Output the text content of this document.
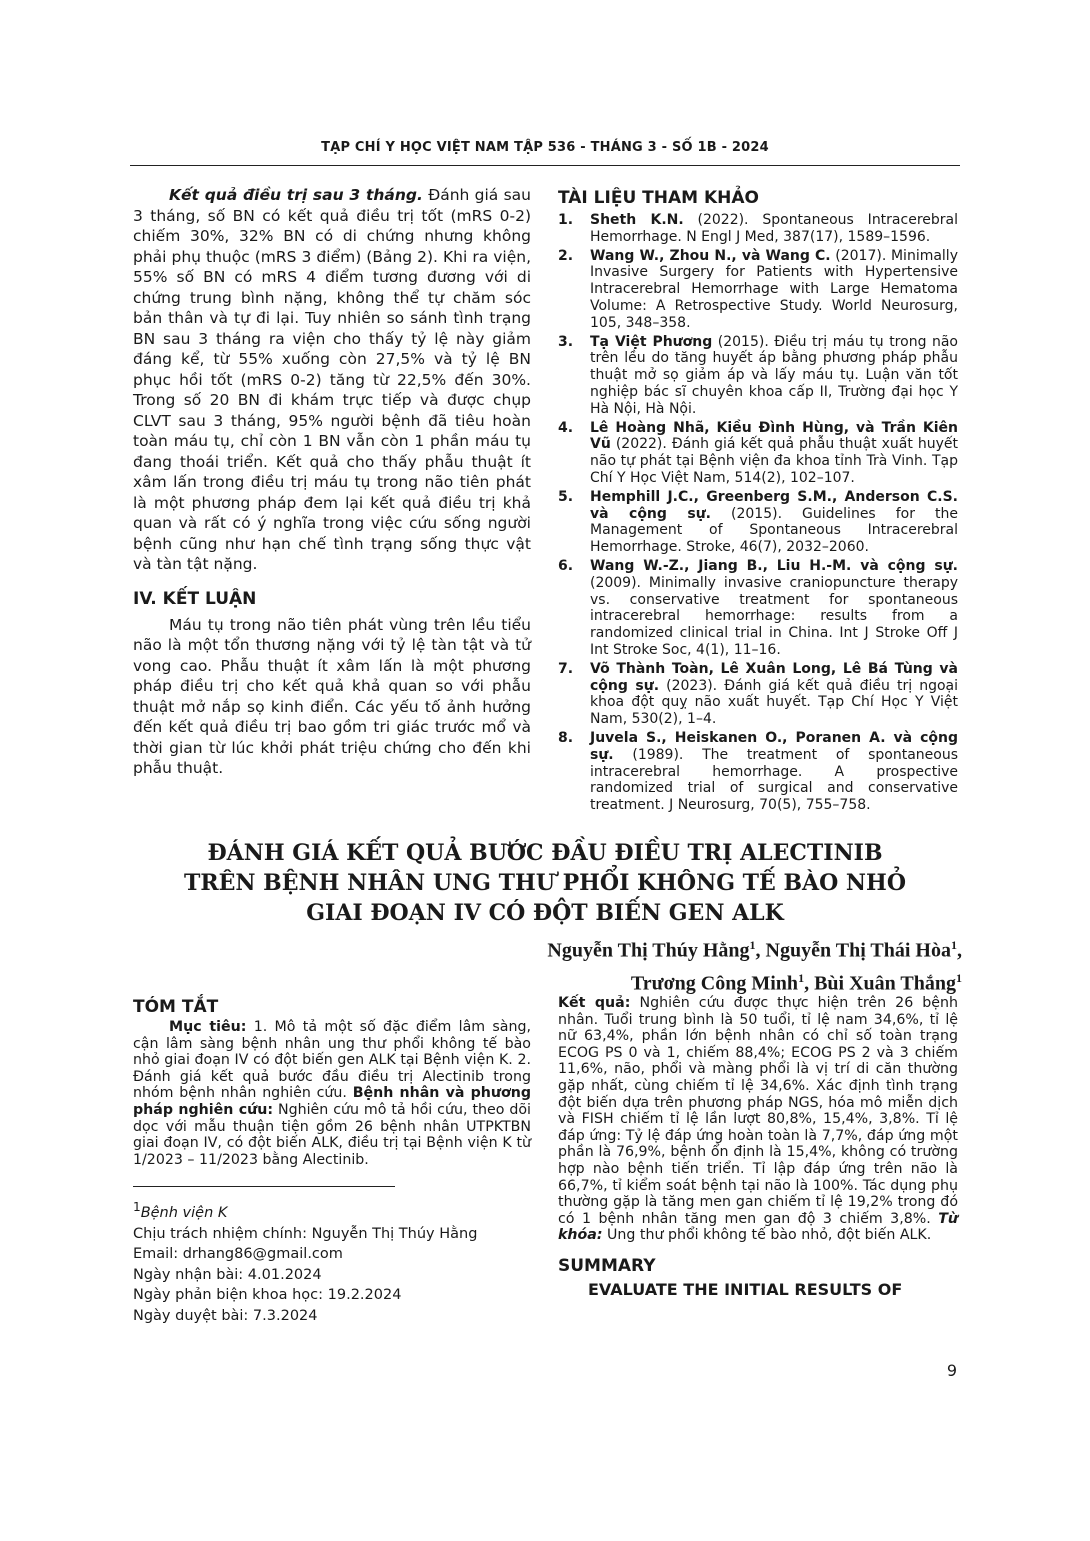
TẠP CHÍ Y HỌC VIỆT NAM TẬP 536 - THÁNG 3 - SỐ 1B - 2024

Kết quả điều trị sau 3 tháng. Đánh giá sau 3 tháng, số BN có kết quả điều trị tốt (mRS 0-2) chiếm 30%, 32% BN có di chứng nhưng không phải phụ thuộc (mRS 3 điểm) (Bảng 2). Khi ra viện, 55% số BN có mRS 4 điểm tương đương với di chứng trung bình nặng, không thể tự chăm sóc bản thân và tự đi lại. Tuy nhiên so sánh tình trạng BN sau 3 tháng ra viện cho thấy tỷ lệ này giảm đáng kể, từ 55% xuống còn 27,5% và tỷ lệ BN phục hồi tốt (mRS 0-2) tăng từ 22,5% đến 30%. Trong số 20 BN đi khám trực tiếp và được chụp CLVT sau 3 tháng, 95% người bệnh đã tiêu hoàn toàn máu tụ, chỉ còn 1 BN vẫn còn 1 phần máu tụ đang thoái triển. Kết quả cho thấy phẫu thuật ít xâm lấn trong điều trị máu tụ trong não tiên phát là một phương pháp đem lại kết quả điều trị khả quan và rất có ý nghĩa trong việc cứu sống người bệnh cũng như hạn chế tình trạng sống thực vật và tàn tật nặng.

IV. KẾT LUẬN

Máu tụ trong não tiên phát vùng trên lều tiểu não là một tổn thương nặng với tỷ lệ tàn tật và tử vong cao. Phẫu thuật ít xâm lấn là một phương pháp điều trị cho kết quả khả quan so với phẫu thuật mở nắp sọ kinh điển. Các yếu tố ảnh hưởng đến kết quả điều trị bao gồm tri giác trước mổ và thời gian từ lúc khởi phát triệu chứng cho đến khi phẫu thuật.

TÀI LIỆU THAM KHẢO
1. Sheth K.N. (2022). Spontaneous Intracerebral Hemorrhage. N Engl J Med, 387(17), 1589–1596.
2. Wang W., Zhou N., và Wang C. (2017). Minimally Invasive Surgery for Patients with Hypertensive Intracerebral Hemorrhage with Large Hematoma Volume: A Retrospective Study. World Neurosurg, 105, 348–358.
3. Tạ Việt Phương (2015). Điều trị máu tụ trong não trên lều do tăng huyết áp bằng phương pháp phẫu thuật mở sọ giảm áp và lấy máu tụ. Luận văn tốt nghiệp bác sĩ chuyên khoa cấp II, Trường đại học Y Hà Nội, Hà Nội.
4. Lê Hoàng Nhã, Kiều Đình Hùng, và Trần Kiên Vũ (2022). Đánh giá kết quả phẫu thuật xuất huyết não tự phát tại Bệnh viện đa khoa tỉnh Trà Vinh. Tạp Chí Y Học Việt Nam, 514(2), 102–107.
5. Hemphill J.C., Greenberg S.M., Anderson C.S. và cộng sự. (2015). Guidelines for the Management of Spontaneous Intracerebral Hemorrhage. Stroke, 46(7), 2032–2060.
6. Wang W.-Z., Jiang B., Liu H.-M. và cộng sự. (2009). Minimally invasive craniopuncture therapy vs. conservative treatment for spontaneous intracerebral hemorrhage: results from a randomized clinical trial in China. Int J Stroke Off J Int Stroke Soc, 4(1), 11–16.
7. Võ Thành Toàn, Lê Xuân Long, Lê Bá Tùng và cộng sự. (2023). Đánh giá kết quả điều trị ngoại khoa đột quỵ não xuất huyết. Tạp Chí Học Y Việt Nam, 530(2), 1–4.
8. Juvela S., Heiskanen O., Poranen A. và cộng sự. (1989). The treatment of spontaneous intracerebral hemorrhage. A prospective randomized trial of surgical and conservative treatment. J Neurosurg, 70(5), 755–758.
ĐÁNH GIÁ KẾT QUẢ BƯỚC ĐẦU ĐIỀU TRỊ ALECTINIB
TRÊN BỆNH NHÂN UNG THƯ PHỔI KHÔNG TẾ BÀO NHỎ
GIAI ĐOẠN IV CÓ ĐỘT BIẾN GEN ALK
Nguyễn Thị Thúy Hằng$^1$, Nguyễn Thị Thái Hòa$^1$,
Trương Công Minh$^1$, Bùi Xuân Thắng$^1$
TÓM TẮT

Mục tiêu: 1. Mô tả một số đặc điểm lâm sàng, cận lâm sàng bệnh nhân ung thư phổi không tế bào nhỏ giai đoạn IV có đột biến gen ALK tại Bệnh viện K. 2. Đánh giá kết quả bước đầu điều trị Alectinib trong nhóm bệnh nhân nghiên cứu. Bệnh nhân và phương pháp nghiên cứu: Nghiên cứu mô tả hồi cứu, theo dõi dọc với mẫu thuận tiện gồm 26 bệnh nhân UTPKTBN giai đoạn IV, có đột biến ALK, điều trị tại Bệnh viện K từ 1/2023 – 11/2023 bằng Alectinib.

$^1$Bệnh viện K

Chịu trách nhiệm chính: Nguyễn Thị Thúy Hằng

Email: drhang86@gmail.com

Ngày nhận bài: 4.01.2024

Ngày phản biện khoa học: 19.2.2024

Ngày duyệt bài: 7.3.2024

Kết quả: Nghiên cứu được thực hiện trên 26 bệnh nhân. Tuổi trung bình là 50 tuổi, tỉ lệ nam 34,6%, tỉ lệ nữ 63,4%, phần lớn bệnh nhân có chỉ số toàn trạng ECOG PS 0 và 1, chiếm 88,4%; ECOG PS 2 và 3 chiếm 11,6%, não, phổi và màng phổi là vị trí di căn thường gặp nhất, cùng chiếm tỉ lệ 34,6%. Xác định tình trạng đột biến dựa trên phương pháp NGS, hóa mô miễn dịch và FISH chiếm tỉ lệ lần lượt 80,8%, 15,4%, 3,8%. Tỉ lệ đáp ứng: Tỷ lệ đáp ứng hoàn toàn là 7,7%, đáp ứng một phần là 76,9%, bệnh ổn định là 15,4%, không có trường hợp nào bệnh tiến triển. Tỉ lập đáp ứng trên não là 66,7%, tỉ kiểm soát bệnh tại não là 100%. Tác dụng phụ thường gặp là tăng men gan chiếm tỉ lệ 19,2% trong đó có 1 bệnh nhân tăng men gan độ 3 chiếm 3,8%. Từ khóa: Ung thư phổi không tế bào nhỏ, đột biến ALK.

SUMMARY
EVALUATE THE INITIAL RESULTS OF
9
